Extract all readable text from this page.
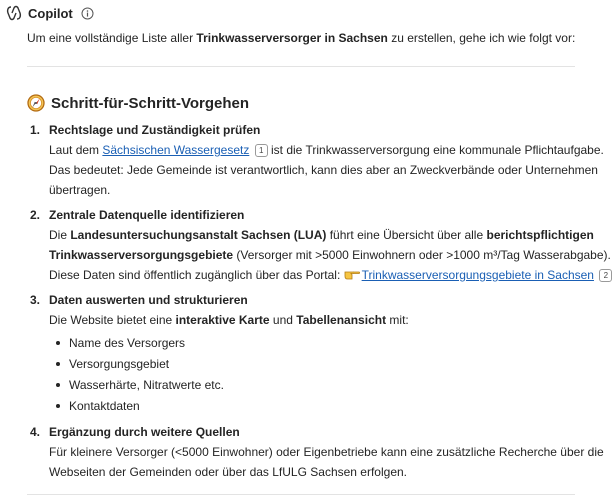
Copilot
Um eine vollständige Liste aller Trinkwasserversorger in Sachsen zu erstellen, gehe ich wie folgt vor:
Schritt-für-Schritt-Vorgehen
1. Rechtslage und Zuständigkeit prüfen
Laut dem Sächsischen Wassergesetz 1 ist die Trinkwasserversorgung eine kommunale Pflichtaufgabe.
Das bedeutet: Jede Gemeinde ist verantwortlich, kann dies aber an Zweckverbände oder Unternehmen
übertragen.
2. Zentrale Datenquelle identifizieren
Die Landesuntersuchungsanstalt Sachsen (LUA) führt eine Übersicht über alle berichtspflichtigen
Trinkwasserversorgungsgebiete (Versorger mit >5000 Einwohnern oder >1000 m³/Tag Wasserabgabe).
Diese Daten sind öffentlich zugänglich über das Portal:
Trinkwasserversorgungsgebiete in Sachsen 2
3. Daten auswerten und strukturieren
Die Website bietet eine interaktive Karte und Tabellenansicht mit:
Name des Versorgers
Versorgungsgebiet
Wasserhärte, Nitratwerte etc.
Kontaktdaten
4. Ergänzung durch weitere Quellen
Für kleinere Versorger (<5000 Einwohner) oder Eigenbetriebe kann eine zusätzliche Recherche über die
Webseiten der Gemeinden oder über das LfULG Sachsen erfolgen.
